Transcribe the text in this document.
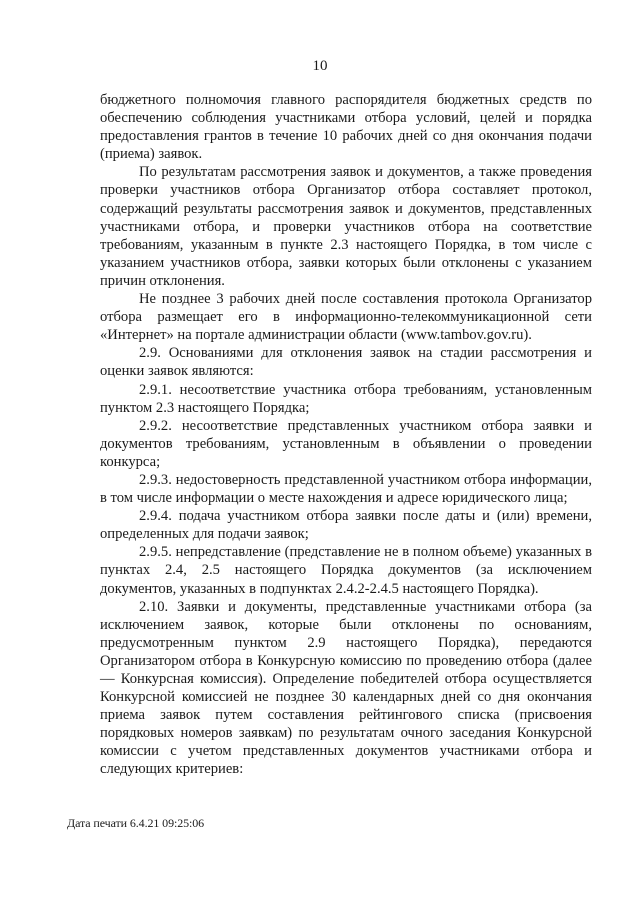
10

бюджетного полномочия главного распорядителя бюджетных средств по обеспечению соблюдения участниками отбора условий, целей и порядка предоставления грантов в течение 10 рабочих дней со дня окончания подачи (приема) заявок.

По результатам рассмотрения заявок и документов, а также проведения проверки участников отбора Организатор отбора составляет протокол, содержащий результаты рассмотрения заявок и документов, представленных участниками отбора, и проверки участников отбора на соответствие требованиям, указанным в пункте 2.3 настоящего Порядка, в том числе с указанием участников отбора, заявки которых были отклонены с указанием причин отклонения.

Не позднее 3 рабочих дней после составления протокола Организатор отбора размещает его в информационно-телекоммуникационной сети «Интернет» на портале администрации области (www.tambov.gov.ru).

2.9. Основаниями для отклонения заявок на стадии рассмотрения и оценки заявок являются:

2.9.1. несоответствие участника отбора требованиям, установленным пунктом 2.3 настоящего Порядка;

2.9.2. несоответствие представленных участником отбора заявки и документов требованиям, установленным в объявлении о проведении конкурса;

2.9.3. недостоверность представленной участником отбора информации, в том числе информации о месте нахождения и адресе юридического лица;

2.9.4. подача участником отбора заявки после даты и (или) времени, определенных для подачи заявок;

2.9.5. непредставление (представление не в полном объеме) указанных в пунктах 2.4, 2.5 настоящего Порядка документов (за исключением документов, указанных в подпунктах 2.4.2-2.4.5 настоящего Порядка).

2.10. Заявки и документы, представленные участниками отбора (за исключением заявок, которые были отклонены по основаниям, предусмотренным пунктом 2.9 настоящего Порядка), передаются Организатором отбора в Конкурсную комиссию по проведению отбора (далее — Конкурсная комиссия). Определение победителей отбора осуществляется Конкурсной комиссией не позднее 30 календарных дней со дня окончания приема заявок путем составления рейтингового списка (присвоения порядковых номеров заявкам) по результатам очного заседания Конкурсной комиссии с учетом представленных документов участниками отбора и следующих критериев:

Дата печати 6.4.21 09:25:06
